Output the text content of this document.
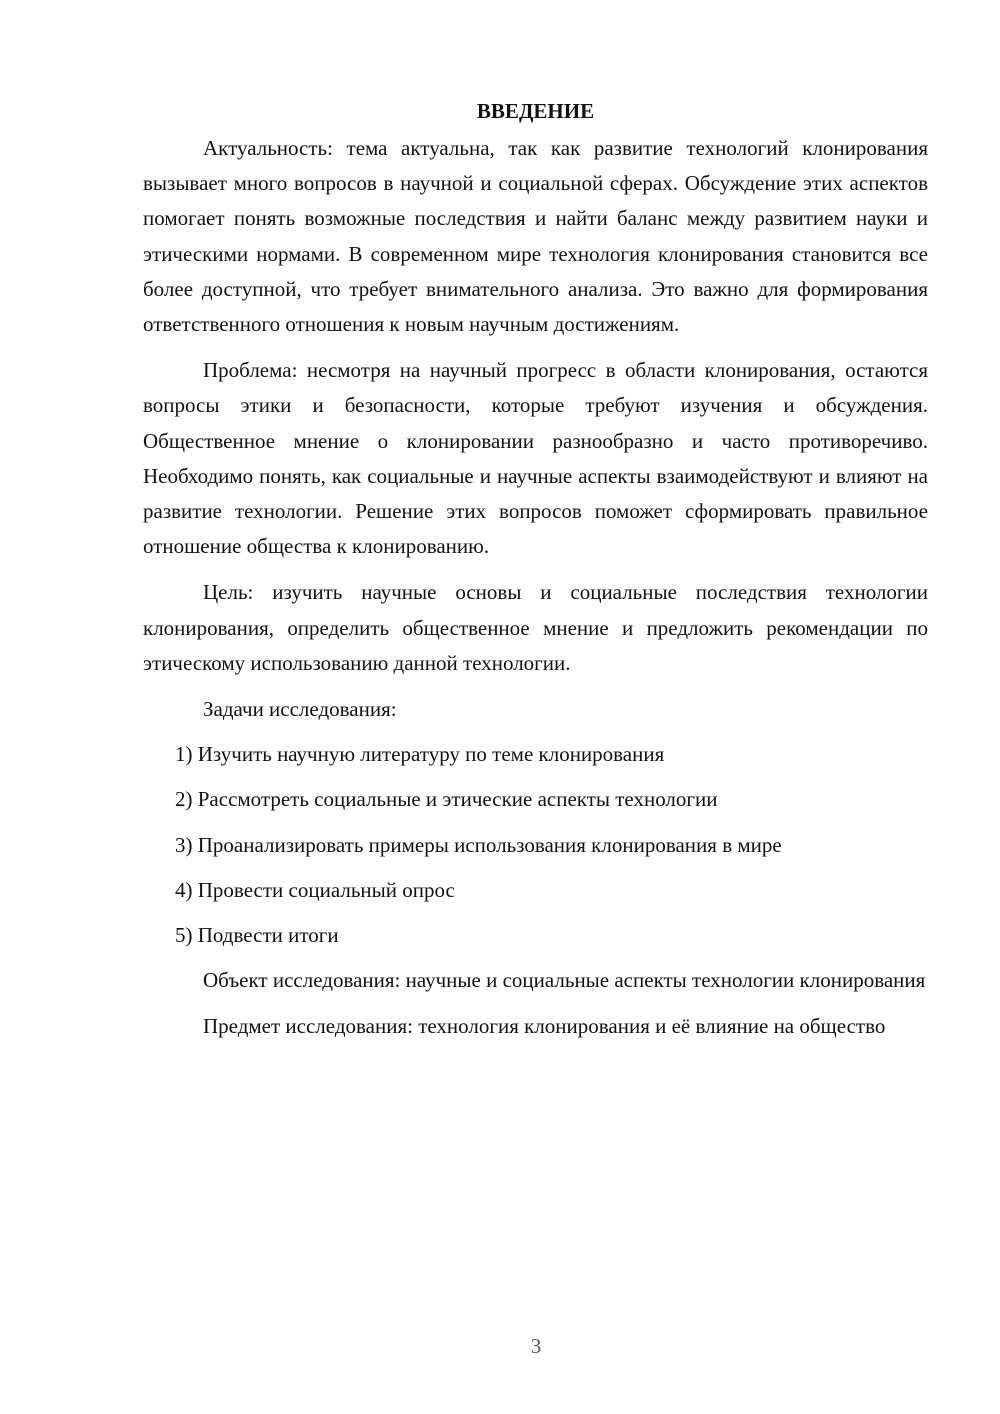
ВВЕДЕНИЕ

Актуальность: тема актуальна, так как развитие технологий клонирования вызывает много вопросов в научной и социальной сферах. Обсуждение этих аспектов помогает понять возможные последствия и найти баланс между развитием науки и этическими нормами. В современном мире технология клонирования становится все более доступной, что требует внимательного анализа. Это важно для формирования ответственного отношения к новым научным достижениям.

Проблема: несмотря на научный прогресс в области клонирования, остаются вопросы этики и безопасности, которые требуют изучения и обсуждения. Общественное мнение о клонировании разнообразно и часто противоречиво. Необходимо понять, как социальные и научные аспекты взаимодействуют и влияют на развитие технологии. Решение этих вопросов поможет сформировать правильное отношение общества к клонированию.

Цель: изучить научные основы и социальные последствия технологии клонирования, определить общественное мнение и предложить рекомендации по этическому использованию данной технологии.

Задачи исследования:

1) Изучить научную литературу по теме клонирования
2) Рассмотреть социальные и этические аспекты технологии
3) Проанализировать примеры использования клонирования в мире
4) Провести социальный опрос
5) Подвести итоги

Объект исследования: научные и социальные аспекты технологии клонирования

Предмет исследования: технология клонирования и её влияние на общество

3
